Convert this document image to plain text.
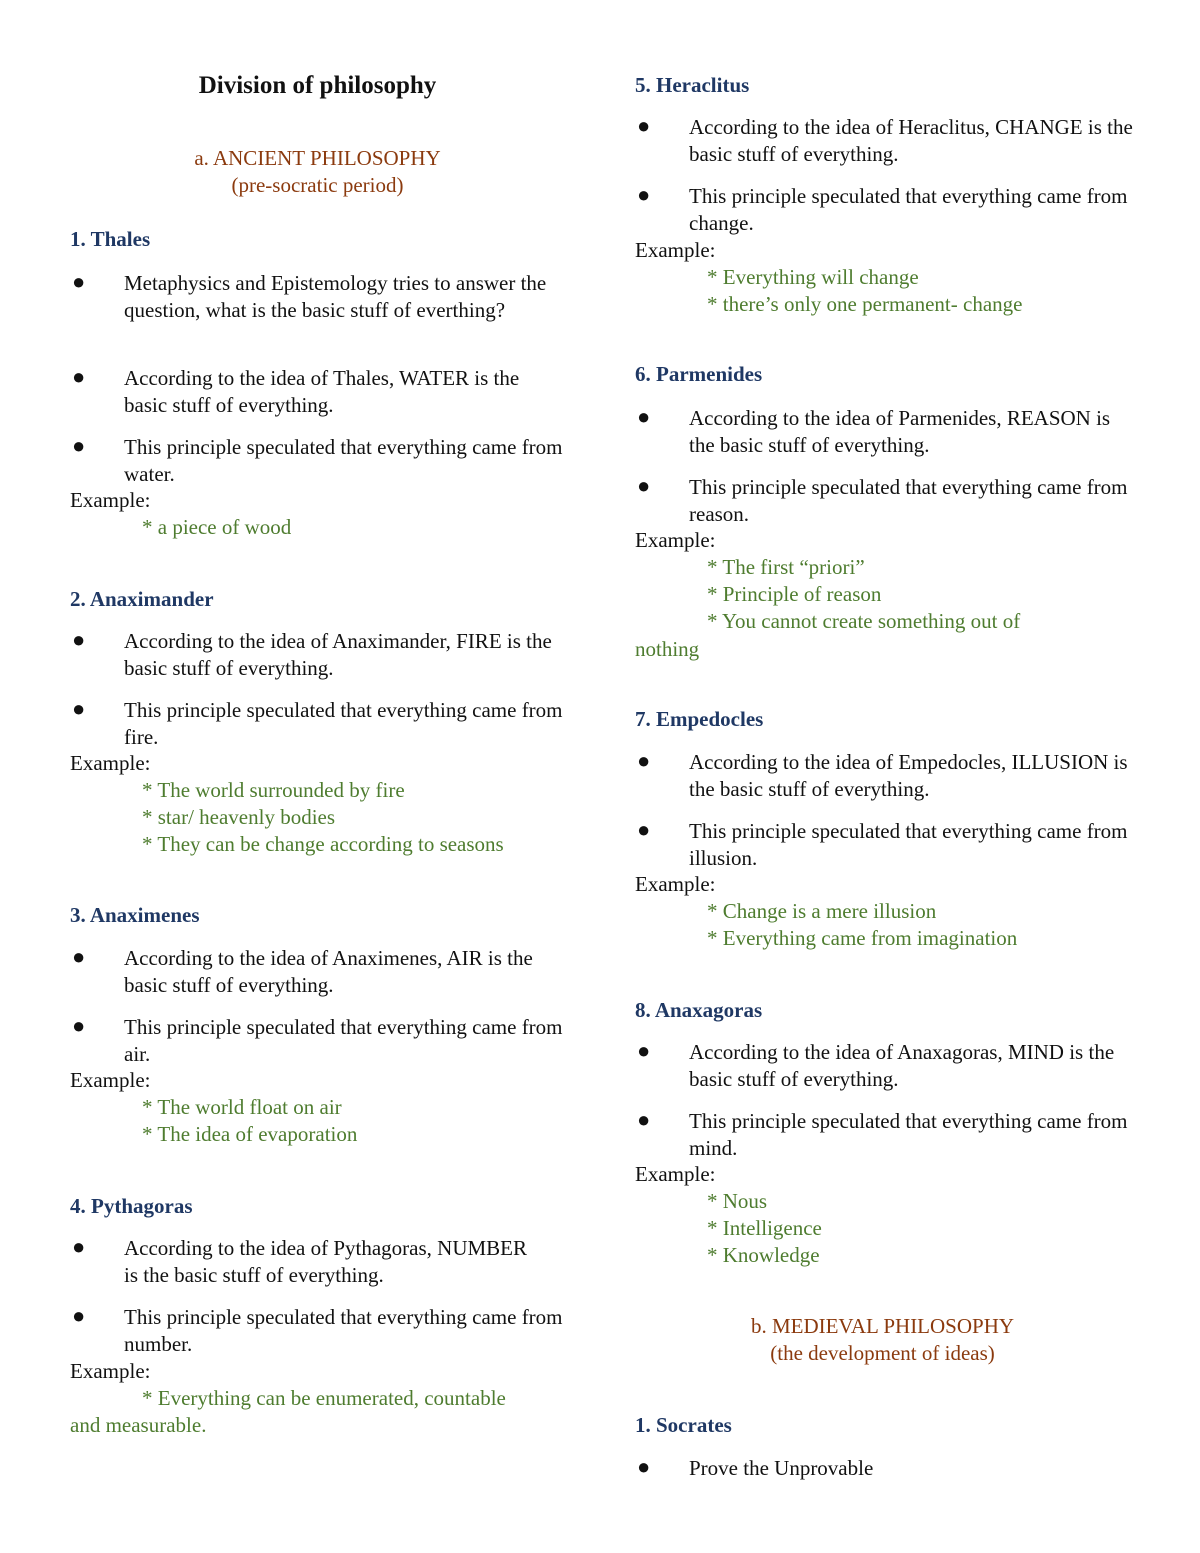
Division of philosophy
a. ANCIENT PHILOSOPHY
(pre-socratic period)
1. Thales
● Metaphysics and Epistemology tries to answer the question, what is the basic stuff of everthing?
● According to the idea of Thales, WATER is the basic stuff of everything.
● This principle speculated that everything came from water.
Example:
* a piece of wood
2. Anaximander
● According to the idea of Anaximander, FIRE is the basic stuff of everything.
● This principle speculated that everything came from fire.
Example:
* The world surrounded by fire
* star/ heavenly bodies
* They can be change according to seasons
3. Anaximenes
● According to the idea of Anaximenes, AIR is the basic stuff of everything.
● This principle speculated that everything came from air.
Example:
* The world float on air
* The idea of evaporation
4. Pythagoras
● According to the idea of Pythagoras, NUMBER is the basic stuff of everything.
● This principle speculated that everything came from number.
Example:
* Everything can be enumerated, countable
and measurable.
5. Heraclitus
● According to the idea of Heraclitus, CHANGE is the basic stuff of everything.
● This principle speculated that everything came from change.
Example:
* Everything will change
* there’s only one permanent- change
6. Parmenides
● According to the idea of Parmenides, REASON is the basic stuff of everything.
● This principle speculated that everything came from reason.
Example:
* The first “priori”
* Principle of reason
* You cannot create something out of
nothing
7. Empedocles
● According to the idea of Empedocles, ILLUSION is the basic stuff of everything.
● This principle speculated that everything came from illusion.
Example:
* Change is a mere illusion
* Everything came from imagination
8. Anaxagoras
● According to the idea of Anaxagoras, MIND is the basic stuff of everything.
● This principle speculated that everything came from mind.
Example:
* Nous
* Intelligence
* Knowledge
b. MEDIEVAL PHILOSOPHY
(the development of ideas)
1. Socrates
● Prove the Unprovable
